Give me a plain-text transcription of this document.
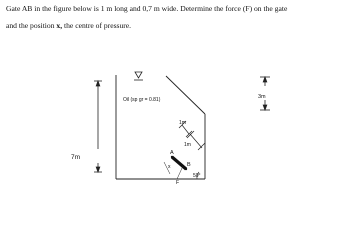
Gate AB in the figure below is 1 m long and 0,7 m wide. Determine the force (F) on the gate

and the position x, the centre of pressure.

7m
Oil (sp gr = 0.81)
A
B
1m
1m
x
F
50°
3m
